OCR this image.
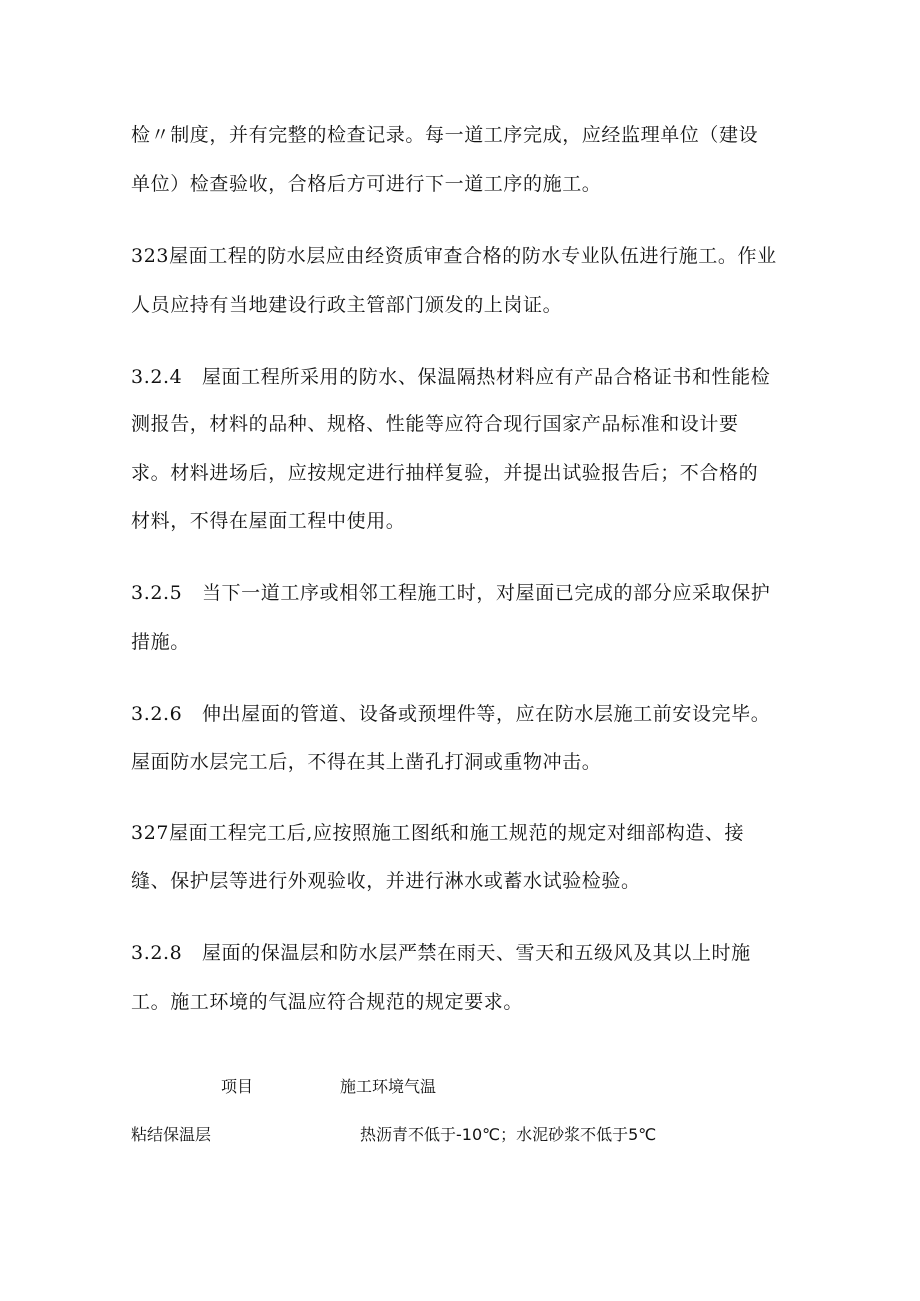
检〃制度，并有完整的检查记录。每一道工序完成，应经监理单位（建设
单位）检查验收，合格后方可进行下一道工序的施工。
323屋面工程的防水层应由经资质审查合格的防水专业队伍进行施工。作业
人员应持有当地建设行政主管部门颁发的上岗证。
3.2.4　屋面工程所采用的防水、保温隔热材料应有产品合格证书和性能检
测报告，材料的品种、规格、性能等应符合现行国家产品标准和设计要
求。材料进场后，应按规定进行抽样复验，并提出试验报告后；不合格的
材料，不得在屋面工程中使用。
3.2.5　当下一道工序或相邻工程施工时，对屋面已完成的部分应采取保护
措施。
3.2.6　伸出屋面的管道、设备或预埋件等，应在防水层施工前安设完毕。
屋面防水层完工后，不得在其上凿孔打洞或重物冲击。
327屋面工程完工后,应按照施工图纸和施工规范的规定对细部构造、接
缝、保护层等进行外观验收，并进行淋水或蓄水试验检验。
3.2.8　屋面的保温层和防水层严禁在雨天、雪天和五级风及其以上时施
工。施工环境的气温应符合规范的规定要求。
项目	施工环境气温
粘结保温层	热沥青不低于-10℃；水泥砂浆不低于5℃
